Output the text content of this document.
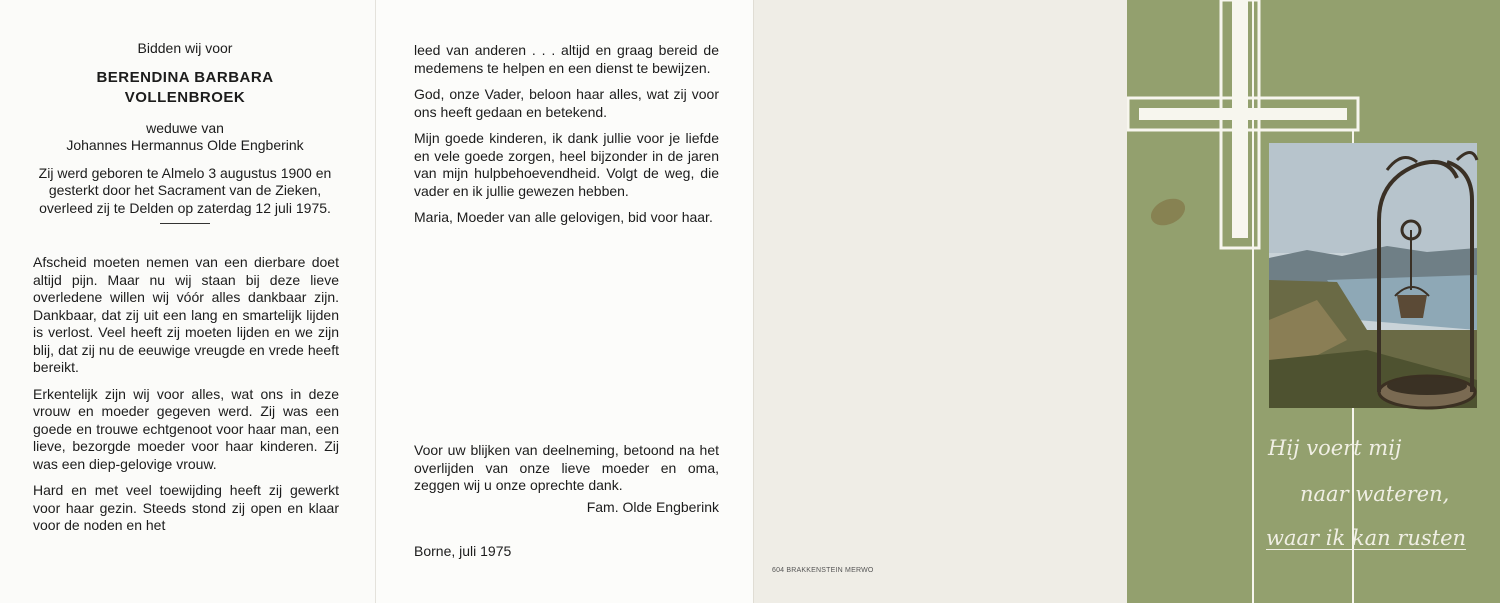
Bidden wij voor

BERENDINA BARBARA

VOLLENBROEK

weduwe van

Johannes Hermannus Olde Engberink

Zij werd geboren te Almelo 3 augustus 1900 en gesterkt door het Sacrament van de Zieken, overleed zij te Delden op zaterdag 12 juli 1975.

Afscheid moeten nemen van een dierbare doet altijd pijn. Maar nu wij staan bij deze lieve overledene willen wij vóór alles dankbaar zijn. Dankbaar, dat zij uit een lang en smartelijk lijden is verlost. Veel heeft zij moeten lijden en we zijn blij, dat zij nu de eeuwige vreugde en vrede heeft bereikt.

Erkentelijk zijn wij voor alles, wat ons in deze vrouw en moeder gegeven werd. Zij was een goede en trouwe echtgenoot voor haar man, een lieve, bezorgde moeder voor haar kinderen. Zij was een diep-gelovige vrouw.

Hard en met veel toewijding heeft zij gewerkt voor haar gezin. Steeds stond zij open en klaar voor de noden en het

leed van anderen . . . altijd en graag bereid de medemens te helpen en een dienst te bewijzen.

God, onze Vader, beloon haar alles, wat zij voor ons heeft gedaan en betekend.

Mijn goede kinderen, ik dank jullie voor je liefde en vele goede zorgen, heel bijzonder in de jaren van mijn hulpbehoevendheid. Volgt de weg, die vader en ik jullie gewezen hebben.

Maria, Moeder van alle gelovigen, bid voor haar.

Voor uw blijken van deelneming, betoond na het overlijden van onze lieve moeder en oma, zeggen wij u onze oprechte dank.

Fam. Olde Engberink

Borne, juli 1975
604 BRAKKENSTEIN MERWO
Hij voert mij
naar wateren,
waar ik kan rusten
